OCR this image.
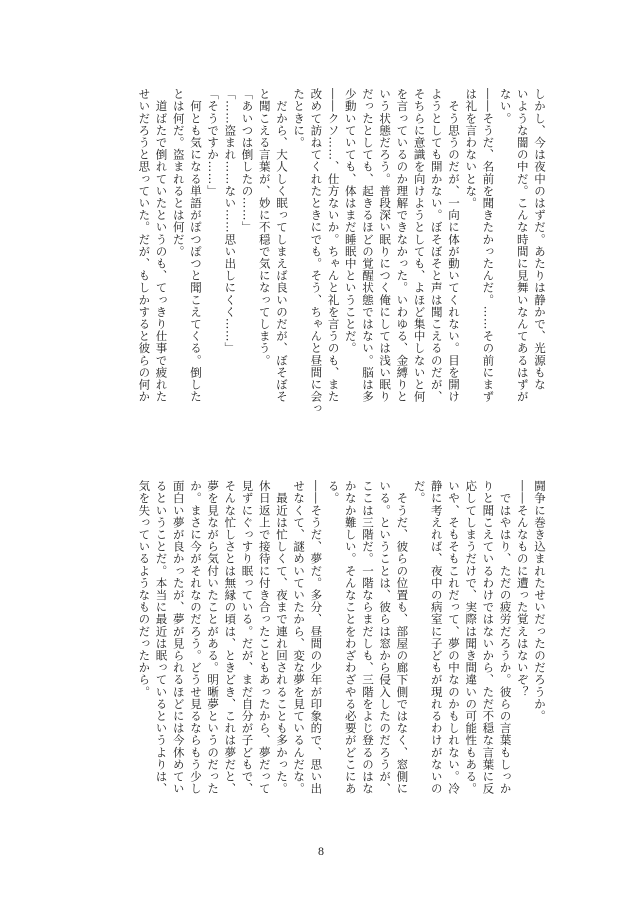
しかし、今は夜中のはずだ。あたりは静かで、光源もな

いような闇の中だ。こんな時間に見舞いなんてあるはずが

ない。

――そうだ、名前を聞きたかったんだ。……その前にまず

は礼を言わないとな。

　そう思うのだが、一向に体が動いてくれない。目を開け

ようとしても開かない。ぼそぼそと声は聞こえるのだが、

そちらに意識を向けようとしても、よほど集中しないと何

を言っているのか理解できなかった。いわゆる、金縛りと

いう状態だろう。普段深い眠りにつく俺にしては浅い眠り

だったとしても、起きるほどの覚醒状態ではない。脳は多

少動いていても、体はまだ睡眠中ということだ。

――クソ……、仕方ないか。ちゃんと礼を言うのも、また

改めて訪ねてくれたときにでも。そう、ちゃんと昼間に会っ

たときに。

　だから、大人しく眠ってしまえば良いのだが、ぼそぼそ

と聞こえる言葉が、妙に不穏で気になってしまう。

「あいつは倒したの……」

「……盗まれ……ない……思い出しにくく……」

「そうですか……」

　何とも気になる単語がぽつぽつと聞こえてくる。倒した

とは何だ。盗まれるとは何だ。

　道ばたで倒れていたというのも、てっきり仕事で疲れた

せいだろうと思っていた。だが、もしかすると彼らの何か

闘争に巻き込まれたせいだったのだろうか。

――そんなものに遭った覚えはないぞ？

　ではやはり、ただの疲労だろうか。彼らの言葉もしっか

りと聞こえているわけではないから、ただ不穏な言葉に反

応してしまうだけで、実際は聞き間違いの可能性もある。

いや、そもそもこれだって、夢の中なのかもしれない。冷

静に考えれば、夜中の病室に子どもが現れるわけがないの

だ。

　そうだ、彼らの位置も、部屋の廊下側ではなく、窓側に

いる。ということは、彼らは窓から侵入したのだろうが、

ここは三階だ。一階ならまだしも、三階をよじ登るのはな

かなか難しい。そんなことをわざわざやる必要がどこにあ

る。

――そうだ、夢だ。多分、昼間の少年が印象的で、思い出

せなくて、謎めいていたから、変な夢を見ているんだな。

　最近は忙しくて、夜まで連れ回されることも多かった。

休日返上で接待に付き合ったこともあったから、夢だって

見ずにぐっすり眠っている。だが、まだ自分が子どもで、

そんな忙しさとは無縁の頃は、ときどき、これは夢だと、

夢を見ながら気付いたことがある。明晰夢というのだった

か。まさに今がそれなのだろう。どうせ見るならもう少し

面白い夢が良かったが、夢が見られるほどには今休めてい

るということだ。本当に最近は眠っているというよりは、

気を失っているようなものだったから。

8
